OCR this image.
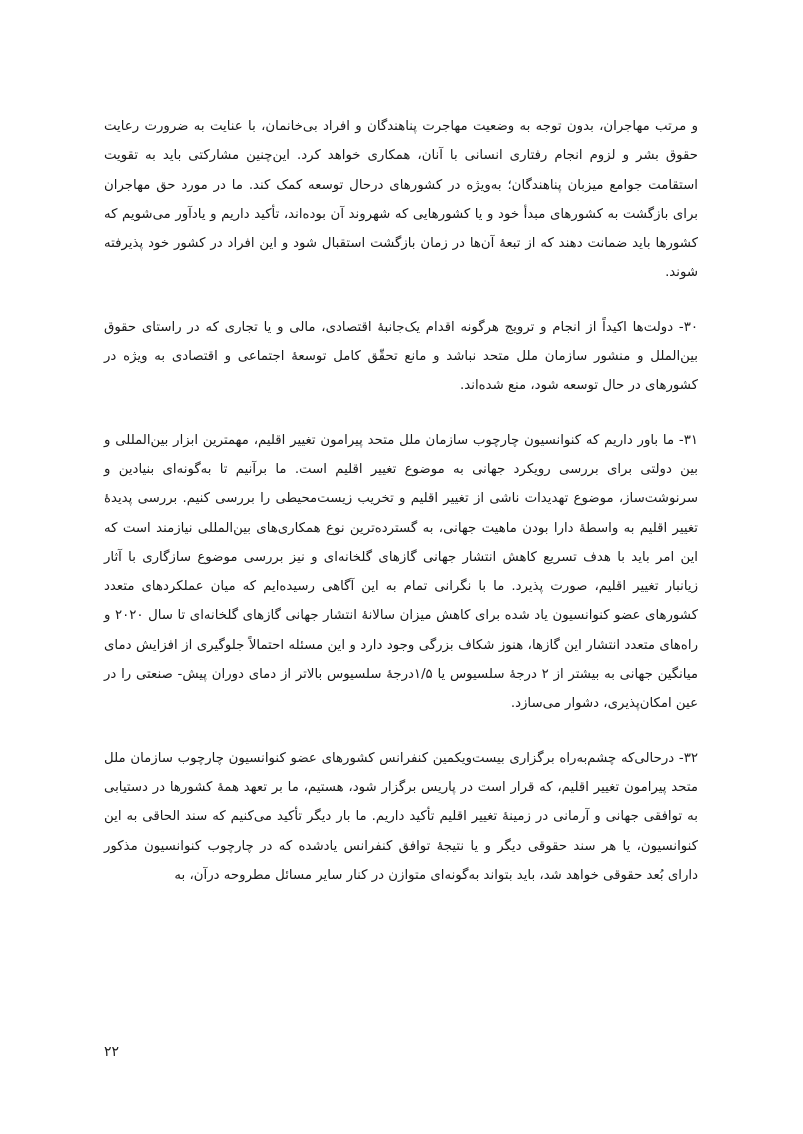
و مرتب مهاجران، بدون توجه به وضعیت مهاجرت پناهندگان و افراد بی‌خانمان، با عنایت به ضرورت رعایت حقوق بشر و لزوم انجام رفتاری انسانی با آنان، همکاری خواهد کرد. این‌چنین مشارکتی باید به تقویت استقامت جوامع میزبان پناهندگان؛ به‌ویژه در کشورهای درحال توسعه کمک کند. ما در مورد حق مهاجران برای بازگشت به کشورهای مبدأ خود و یا کشورهایی که شهروند آن بوده‌اند، تأکید داریم و یادآور می‌شویم که کشورها باید ضمانت دهند که از تبعهٔ آن‌ها در زمان بازگشت استقبال شود و این افراد در کشور خود پذیرفته شوند.

۳۰- دولت‌ها اکیداً از انجام و ترویج هرگونه اقدام یک‌جانبهٔ اقتصادی، مالی و یا تجاری که در راستای حقوق بین‌الملل و منشور سازمان ملل متحد نباشد و مانع تحقّق کامل توسعهٔ اجتماعی و اقتصادی به ویژه در کشورهای در حال توسعه شود، منع شده‌اند.

۳۱- ما باور داریم که کنوانسیون چارچوب سازمان ملل متحد پیرامون تغییر اقلیم، مهمترین ابزار بین‌المللی و بین دولتی برای بررسی رویکرد جهانی به موضوع تغییر اقلیم است. ما برآنیم تا به‌گونه‌ای بنیادین و سرنوشت‌ساز، موضوع تهدیدات ناشی از تغییر اقلیم و تخریب زیست‌محیطی را بررسی کنیم. بررسی پدیدهٔ تغییر اقلیم به واسطهٔ دارا بودن ماهیت جهانی، به گسترده‌ترین نوع همکاری‌های بین‌المللی نیازمند است که این امر باید با هدف تسریع کاهش انتشار جهانی گازهای گلخانه‌ای و نیز بررسی موضوع سازگاری با آثار زیانبار تغییر اقلیم، صورت پذیرد. ما با نگرانی تمام به این آگاهی رسیده‌ایم که میان عملکردهای متعدد کشورهای عضو کنوانسیون یاد شده برای کاهش میزان سالانهٔ انتشار جهانی گازهای گلخانه‌ای تا سال ۲۰۲۰ و راه‌های متعدد انتشار این گازها، هنوز شکاف بزرگی وجود دارد و این مسئله احتمالاً جلوگیری از افزایش دمای میانگین جهانی به بیشتر از ۲ درجهٔ سلسیوس یا ۱/۵درجهٔ سلسیوس بالاتر از دمای دوران پیش- صنعتی را در عین امکان‌پذیری، دشوار می‌سازد.

۳۲- درحالی‌که چشم‌به‌راه برگزاری بیست‌ویکمین کنفرانس کشورهای عضو کنوانسیون چارچوب سازمان ملل متحد پیرامون تغییر اقلیم، که قرار است در پاریس برگزار شود، هستیم، ما بر تعهد همهٔ کشورها در دستیابی به توافقی جهانی و آرمانی در زمینهٔ تغییر اقلیم تأکید داریم. ما بار دیگر تأکید می‌کنیم که سند الحاقی به این کنوانسیون، یا هر سند حقوقی دیگر و یا نتیجهٔ توافق کنفرانس یادشده که در چارچوب کنوانسیون مذکور دارای بُعد حقوقی خواهد شد، باید بتواند به‌گونه‌ای متوازن در کنار سایر مسائل مطروحه در‌آن، به

۲۲
